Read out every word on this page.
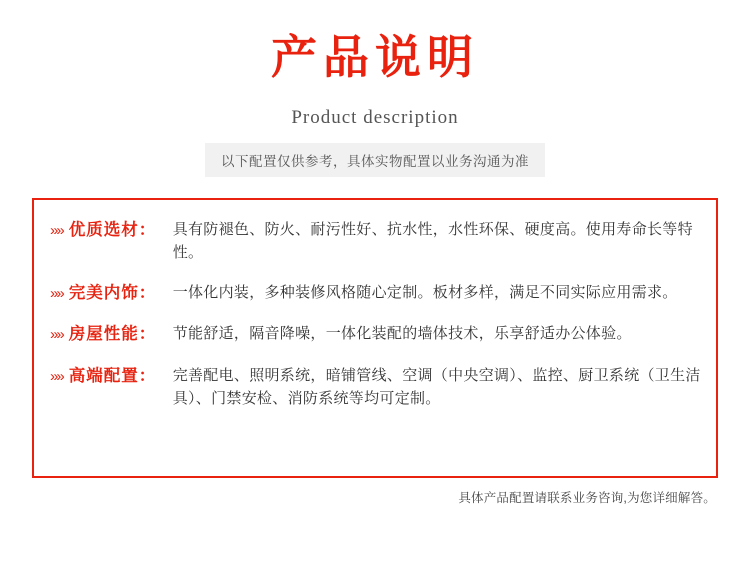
产品说明
Product description
以下配置仅供参考，具体实物配置以业务沟通为准
»» 优质选材：	具有防褪色、防火、耐污性好、抗水性，水性环保、硬度高。使用寿命长等特性。
»» 完美内饰：	一体化内装，多种装修风格随心定制。板材多样，满足不同实际应用需求。
»» 房屋性能：	节能舒适，隔音降噪，一体化装配的墙体技术，乐享舒适办公体验。
»» 高端配置：	完善配电、照明系统，暗铺管线、空调（中央空调）、监控、厨卫系统（卫生洁具）、门禁安检、消防系统等均可定制。
具体产品配置请联系业务咨询,为您详细解答。
